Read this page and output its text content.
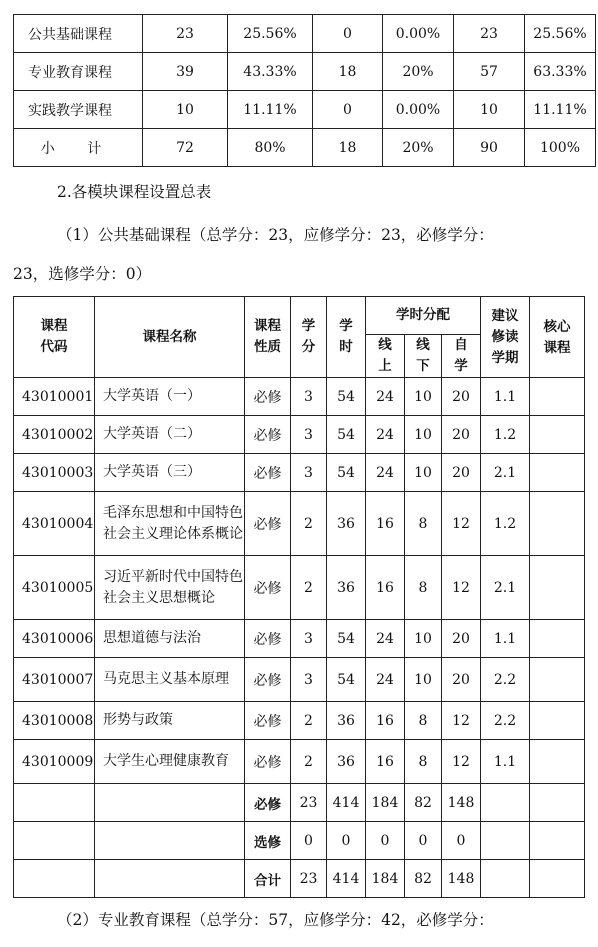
公共基础课程	23	25.56%	0	0.00%	23	25.56%
专业教育课程	39	43.33%	18	20%	57	63.33%
实践教学课程	10	11.11%	0	0.00%	10	11.11%
小 计	72	80%	18	20%	90	100%
2.各模块课程设置总表
（1）公共基础课程（总学分：23，应修学分：23，必修学分：
23，选修学分：0）
课程代码	课程名称	课程性质	学分	学时	学时分配			建议修读学期	核心课程

					线上	线下	自学		

43010001	大学英语（一）	必修	3	54	24	10	20	1.1	
43010002	大学英语（二）	必修	3	54	24	10	20	1.2	
43010003	大学英语（三）	必修	3	54	24	10	20	2.1	
43010004	毛泽东思想和中国特色社会主义理论体系概论	必修	2	36	16	8	12	1.2	
43010005	习近平新时代中国特色社会主义思想概论	必修	2	36	16	8	12	2.1	
43010006	思想道德与法治	必修	3	54	24	10	20	1.1	
43010007	马克思主义基本原理	必修	3	54	24	10	20	2.2	
43010008	形势与政策	必修	2	36	16	8	12	2.2	
43010009	大学生心理健康教育	必修	2	36	16	8	12	1.1	
		必修	23	414	184	82	148		
		选修	0	0	0	0	0		
		合计	23	414	184	82	148		
（2）专业教育课程（总学分：57，应修学分：42，必修学分：
